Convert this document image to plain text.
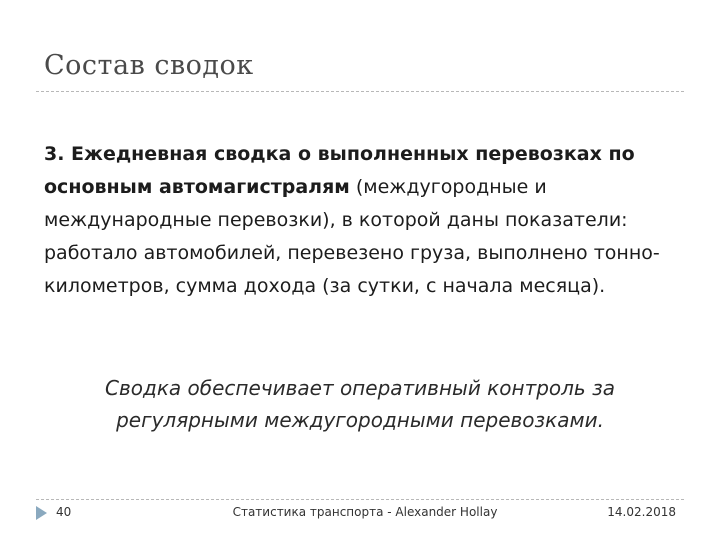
Состав сводок
3. Ежедневная сводка о выполненных перевозках по основным автомагистралям (междугородные и международные перевозки), в которой даны показатели: работало автомобилей, перевезено груза, выполнено тонно-километров, сумма дохода (за сутки, с начала месяца).
Сводка обеспечивает оперативный контроль за регулярными междугородными перевозками.
40	Статистика транспорта - Alexander Hollay	14.02.2018
